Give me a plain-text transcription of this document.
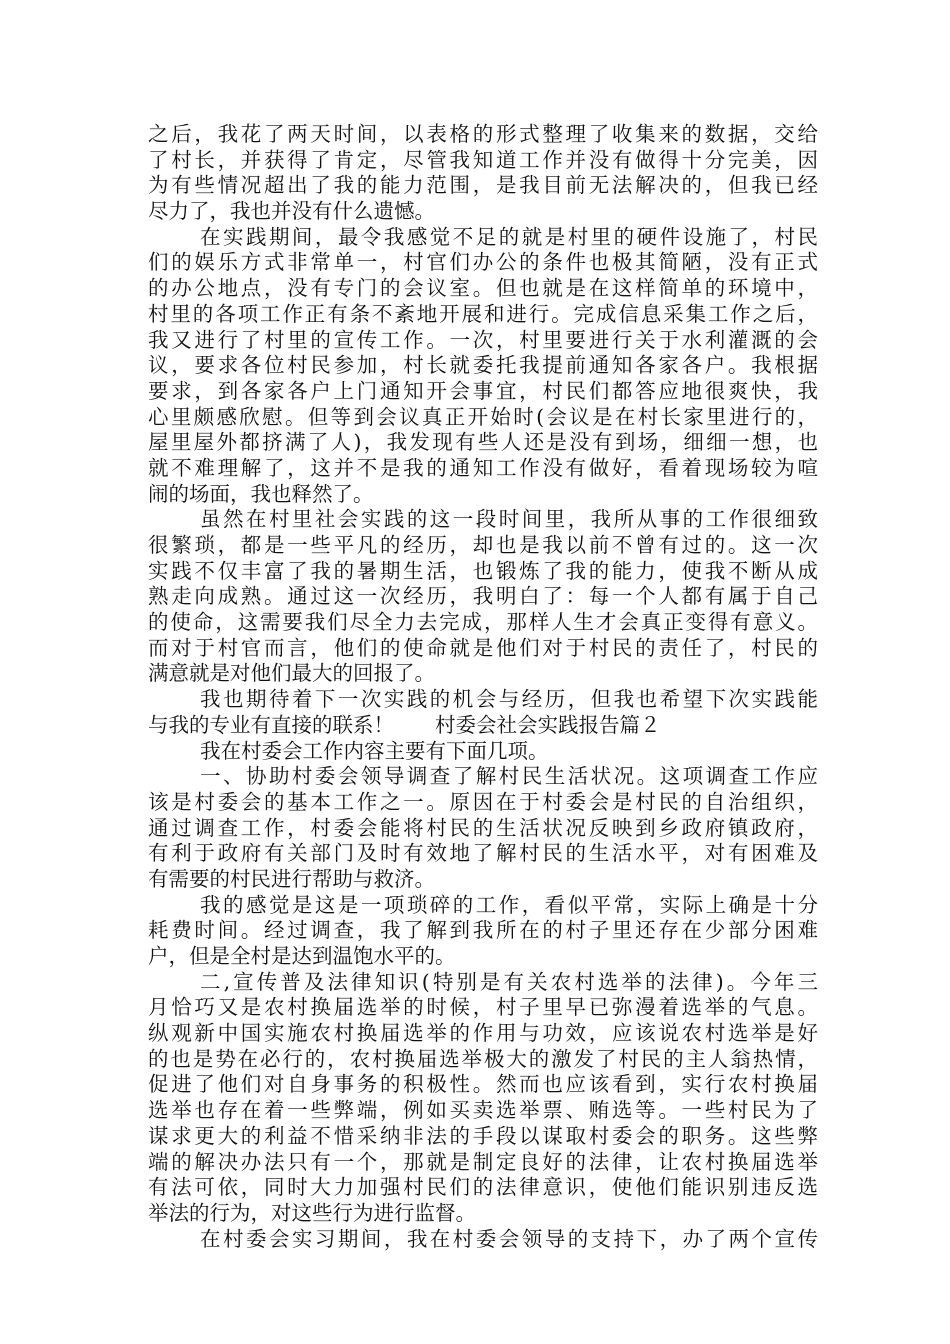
之后，我花了两天时间，以表格的形式整理了收集来的数据，交给
了村长，并获得了肯定，尽管我知道工作并没有做得十分完美，因
为有些情况超出了我的能力范围，是我目前无法解决的，但我已经
尽力了，我也并没有什么遗憾。
在实践期间，最令我感觉不足的就是村里的硬件设施了，村民
们的娱乐方式非常单一，村官们办公的条件也极其简陋，没有正式
的办公地点，没有专门的会议室。但也就是在这样简单的环境中，
村里的各项工作正有条不紊地开展和进行。完成信息采集工作之后，
我又进行了村里的宣传工作。一次，村里要进行关于水利灌溉的会
议，要求各位村民参加，村长就委托我提前通知各家各户。我根据
要求，到各家各户上门通知开会事宜，村民们都答应地很爽快，我
心里颇感欣慰。但等到会议真正开始时(会议是在村长家里进行的，
屋里屋外都挤满了人)，我发现有些人还是没有到场，细细一想，也
就不难理解了，这并不是我的通知工作没有做好，看着现场较为喧
闹的场面，我也释然了。
虽然在村里社会实践的这一段时间里，我所从事的工作很细致
很繁琐，都是一些平凡的经历，却也是我以前不曾有过的。这一次
实践不仅丰富了我的暑期生活，也锻炼了我的能力，使我不断从成
熟走向成熟。通过这一次经历，我明白了：每一个人都有属于自己
的使命，这需要我们尽全力去完成，那样人生才会真正变得有意义。
而对于村官而言，他们的使命就是他们对于村民的责任了，村民的
满意就是对他们最大的回报了。
我也期待着下一次实践的机会与经历，但我也希望下次实践能
与我的专业有直接的联系！　　村委会社会实践报告篇２
我在村委会工作内容主要有下面几项。
一、协助村委会领导调查了解村民生活状况。这项调查工作应
该是村委会的基本工作之一。原因在于村委会是村民的自治组织，
通过调查工作，村委会能将村民的生活状况反映到乡政府镇政府，
有利于政府有关部门及时有效地了解村民的生活水平，对有困难及
有需要的村民进行帮助与救济。
我的感觉是这是一项琐碎的工作，看似平常，实际上确是十分
耗费时间。经过调查，我了解到我所在的村子里还存在少部分困难
户，但是全村是达到温饱水平的。
二,宣传普及法律知识(特别是有关农村选举的法律)。今年三
月恰巧又是农村换届选举的时候，村子里早已弥漫着选举的气息。
纵观新中国实施农村换届选举的作用与功效，应该说农村选举是好
的也是势在必行的，农村换届选举极大的激发了村民的主人翁热情，
促进了他们对自身事务的积极性。然而也应该看到，实行农村换届
选举也存在着一些弊端，例如买卖选举票、贿选等。一些村民为了
谋求更大的利益不惜采纳非法的手段以谋取村委会的职务。这些弊
端的解决办法只有一个，那就是制定良好的法律，让农村换届选举
有法可依，同时大力加强村民们的法律意识，使他们能识别违反选
举法的行为，对这些行为进行监督。
在村委会实习期间，我在村委会领导的支持下，办了两个宣传
